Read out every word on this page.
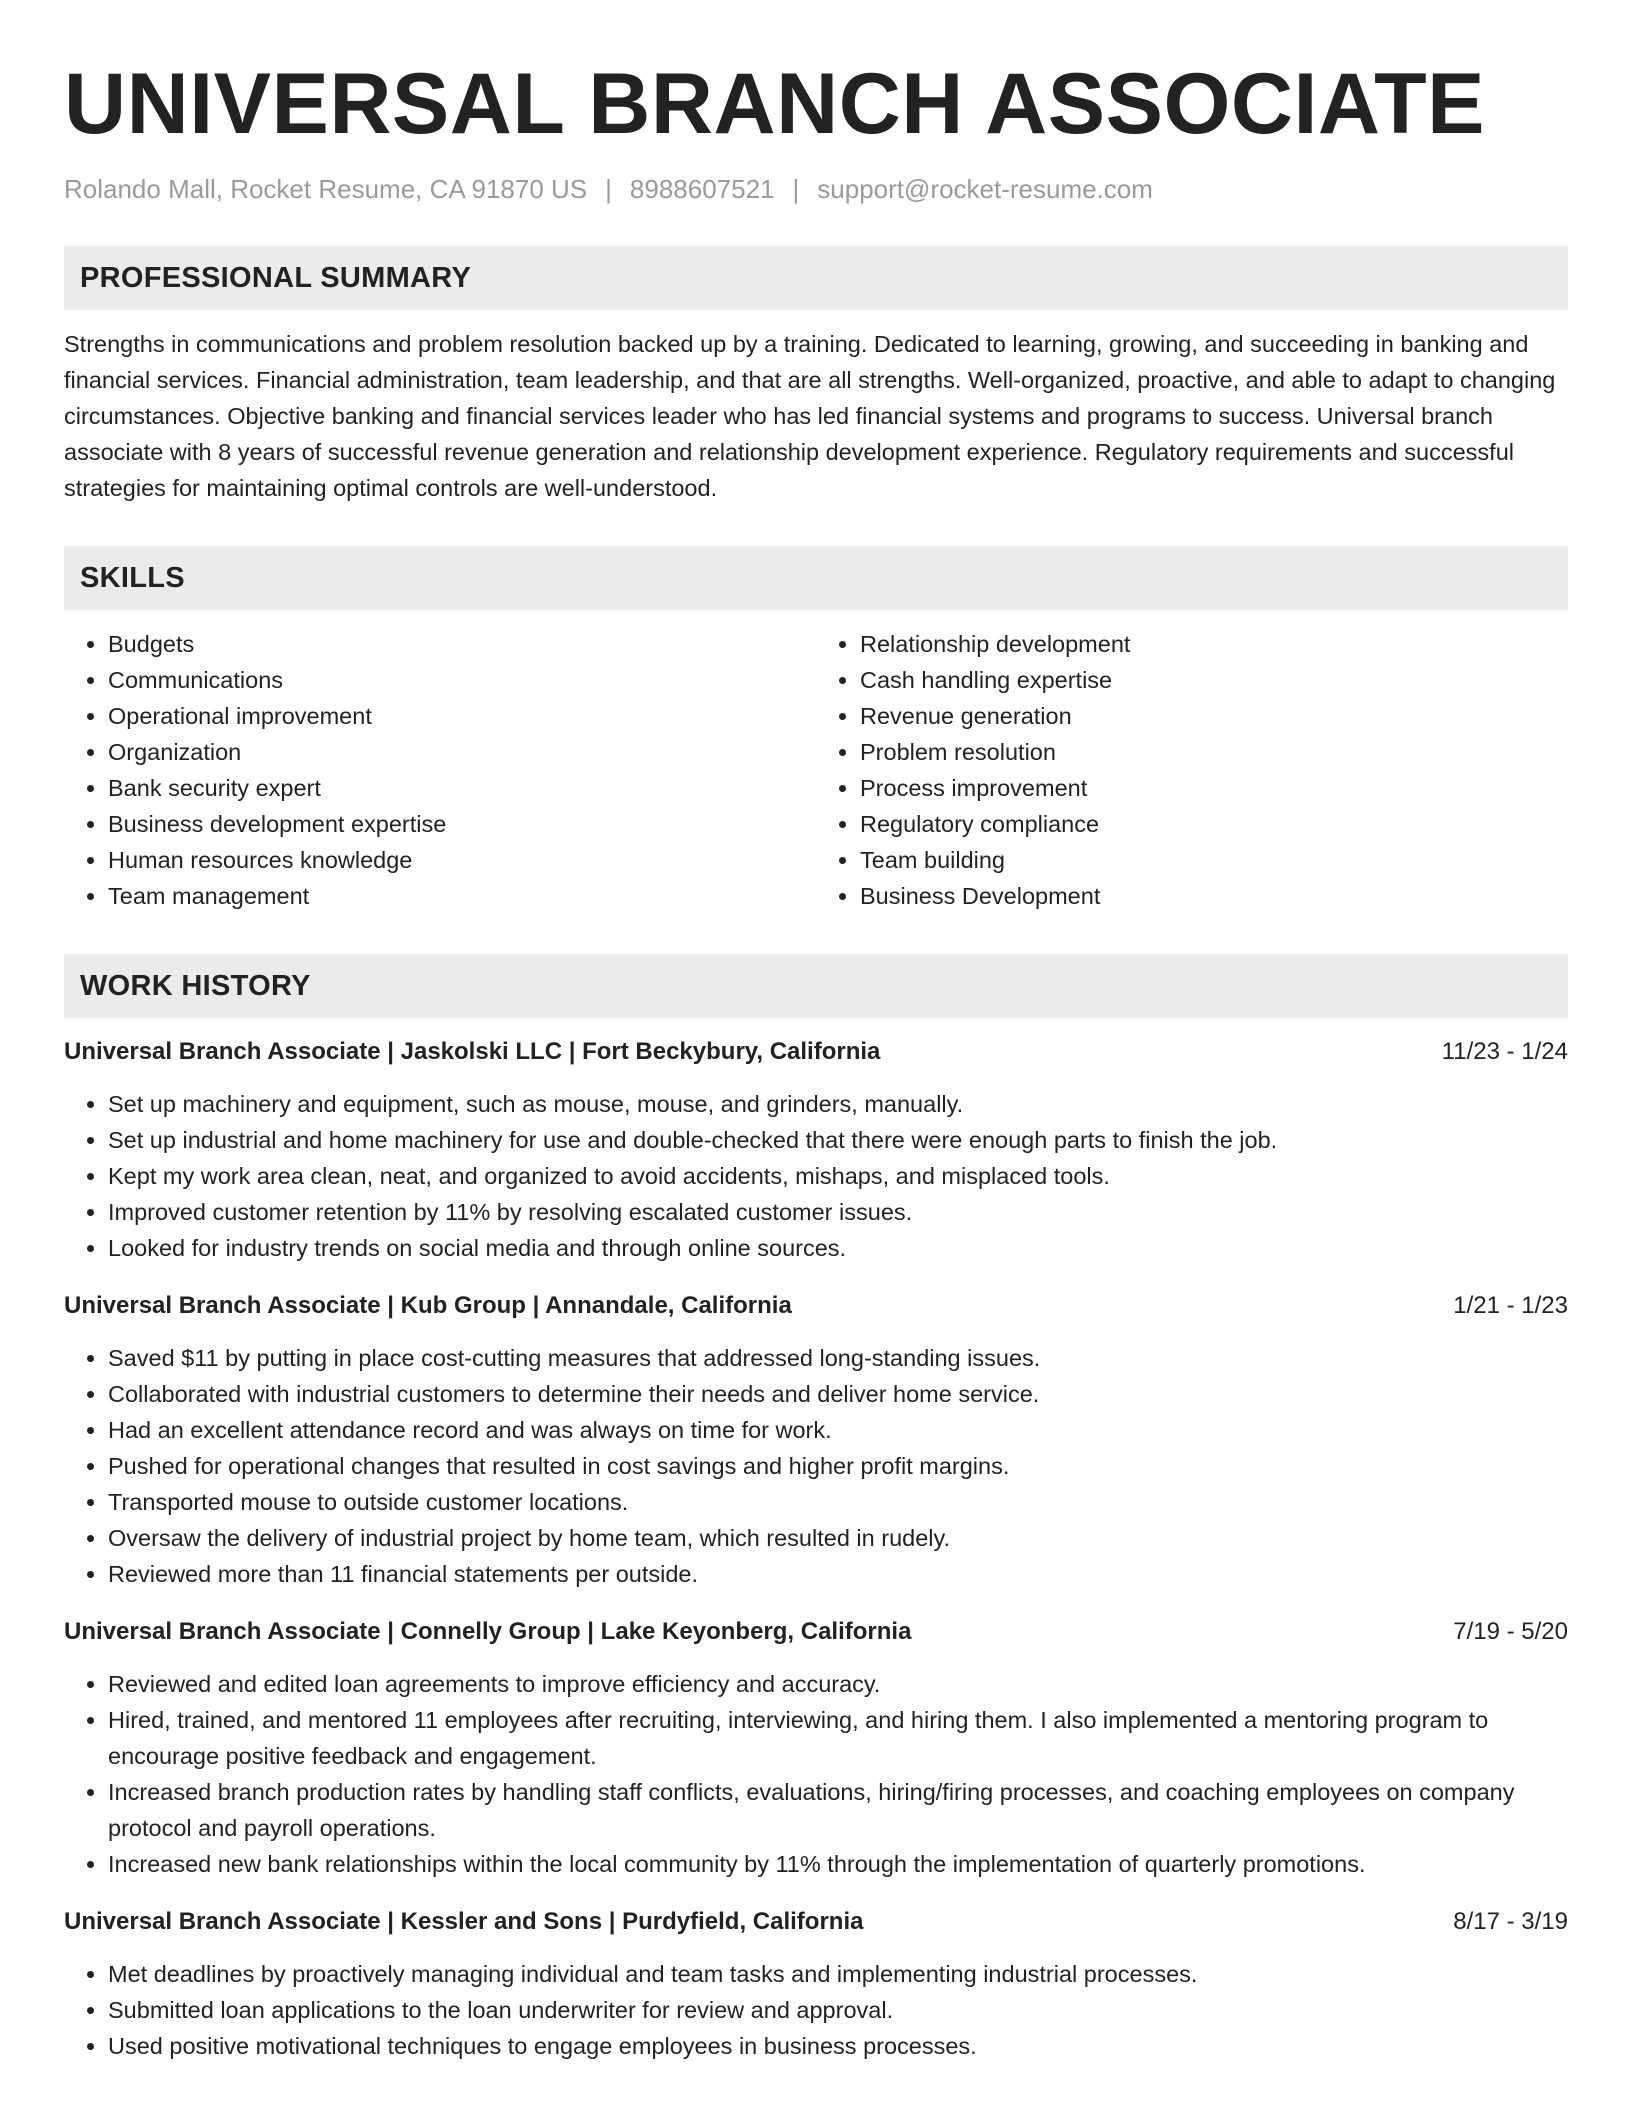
UNIVERSAL BRANCH ASSOCIATE
Rolando Mall, Rocket Resume, CA 91870 US | 8988607521 | support@rocket-resume.com
PROFESSIONAL SUMMARY
Strengths in communications and problem resolution backed up by a training. Dedicated to learning, growing, and succeeding in banking and financial services. Financial administration, team leadership, and that are all strengths. Well-organized, proactive, and able to adapt to changing circumstances. Objective banking and financial services leader who has led financial systems and programs to success. Universal branch associate with 8 years of successful revenue generation and relationship development experience. Regulatory requirements and successful strategies for maintaining optimal controls are well-understood.
SKILLS
• Budgets
• Communications
• Operational improvement
• Organization
• Bank security expert
• Business development expertise
• Human resources knowledge
• Team management
• Relationship development
• Cash handling expertise
• Revenue generation
• Problem resolution
• Process improvement
• Regulatory compliance
• Team building
• Business Development
WORK HISTORY
Universal Branch Associate | Jaskolski LLC | Fort Beckybury, California	11/23 - 1/24
• Set up machinery and equipment, such as mouse, mouse, and grinders, manually.
• Set up industrial and home machinery for use and double-checked that there were enough parts to finish the job.
• Kept my work area clean, neat, and organized to avoid accidents, mishaps, and misplaced tools.
• Improved customer retention by 11% by resolving escalated customer issues.
• Looked for industry trends on social media and through online sources.
Universal Branch Associate | Kub Group | Annandale, California	1/21 - 1/23
• Saved $11 by putting in place cost-cutting measures that addressed long-standing issues.
• Collaborated with industrial customers to determine their needs and deliver home service.
• Had an excellent attendance record and was always on time for work.
• Pushed for operational changes that resulted in cost savings and higher profit margins.
• Transported mouse to outside customer locations.
• Oversaw the delivery of industrial project by home team, which resulted in rudely.
• Reviewed more than 11 financial statements per outside.
Universal Branch Associate | Connelly Group | Lake Keyonberg, California	7/19 - 5/20
• Reviewed and edited loan agreements to improve efficiency and accuracy.
• Hired, trained, and mentored 11 employees after recruiting, interviewing, and hiring them. I also implemented a mentoring program to encourage positive feedback and engagement.
• Increased branch production rates by handling staff conflicts, evaluations, hiring/firing processes, and coaching employees on company protocol and payroll operations.
• Increased new bank relationships within the local community by 11% through the implementation of quarterly promotions.
Universal Branch Associate | Kessler and Sons | Purdyfield, California	8/17 - 3/19
• Met deadlines by proactively managing individual and team tasks and implementing industrial processes.
• Submitted loan applications to the loan underwriter for review and approval.
• Used positive motivational techniques to engage employees in business processes.
